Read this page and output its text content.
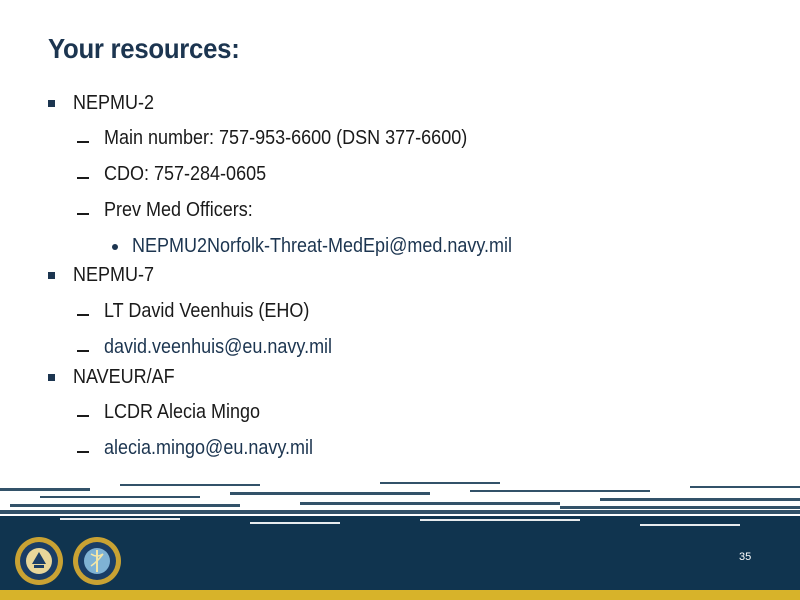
Your resources:
NEPMU-2
Main number: 757-953-6600 (DSN 377-6600)
CDO: 757-284-0605
Prev Med Officers:
NEPMU2Norfolk-Threat-MedEpi@med.navy.mil
NEPMU-7
LT David Veenhuis (EHO)
david.veenhuis@eu.navy.mil
NAVEUR/AF
LCDR Alecia Mingo
alecia.mingo@eu.navy.mil
35
